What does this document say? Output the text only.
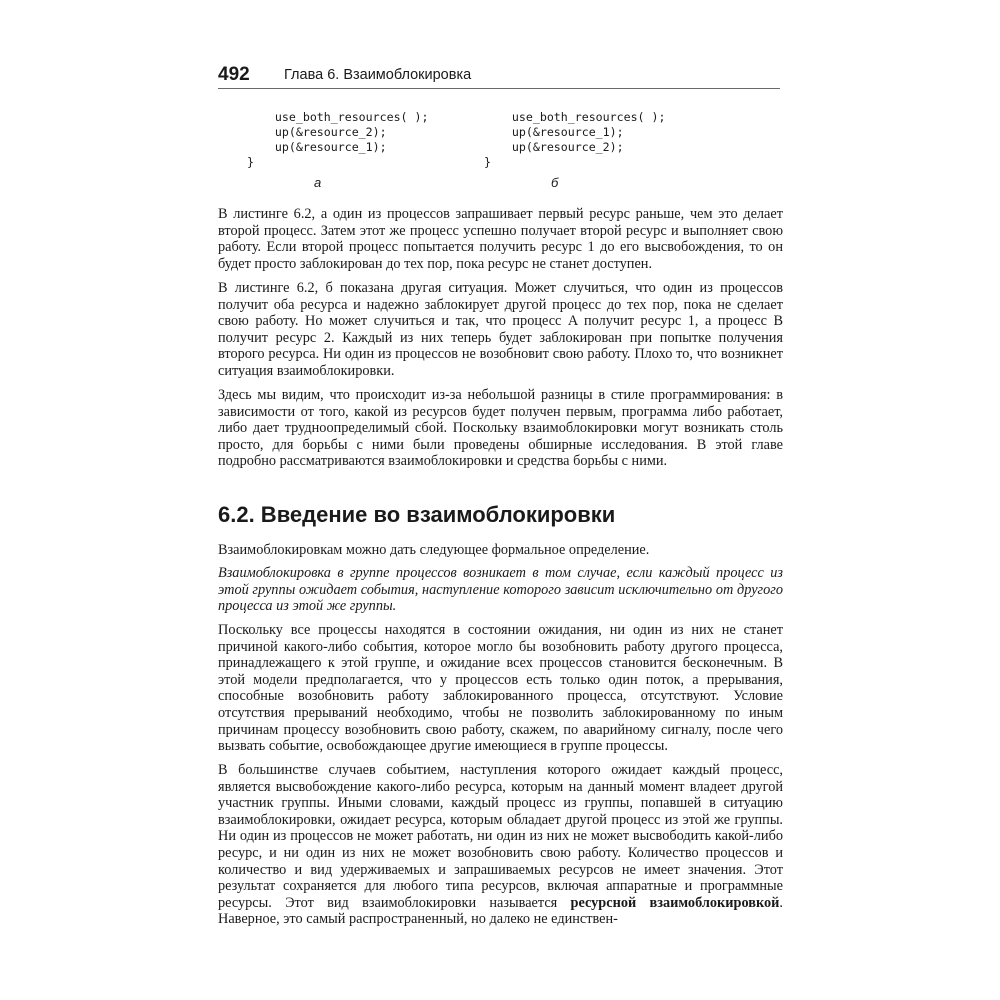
492 Глава 6. Взаимоблокировка
use_both_resources( );
up(&resource_2);
up(&resource_1);
}
use_both_resources( );
up(&resource_1);
up(&resource_2);
}
а	б

В листинге 6.2, а один из процессов запрашивает первый ресурс раньше, чем это делает второй процесс. Затем этот же процесс успешно получает второй ресурс и выполняет свою работу. Если второй процесс попытается получить ресурс 1 до его высвобождения, то он будет просто заблокирован до тех пор, пока ресурс не станет доступен.

В листинге 6.2, б показана другая ситуация. Может случиться, что один из процессов получит оба ресурса и надежно заблокирует другой процесс до тех пор, пока не сделает свою работу. Но может случиться и так, что процесс A получит ресурс 1, а процесс B получит ресурс 2. Каждый из них теперь будет заблокирован при попытке получения второго ресурса. Ни один из процессов не возобновит свою работу. Плохо то, что возникнет ситуация взаимоблокировки.

Здесь мы видим, что происходит из-за небольшой разницы в стиле программирования: в зависимости от того, какой из ресурсов будет получен первым, программа либо работает, либо дает трудноопределимый сбой. Поскольку взаимоблокировки могут возникать столь просто, для борьбы с ними были проведены обширные исследования. В этой главе подробно рассматриваются взаимоблокировки и средства борьбы с ними.

6.2. Введение во взаимоблокировки

Взаимоблокировкам можно дать следующее формальное определение.

Взаимоблокировка в группе процессов возникает в том случае, если каждый процесс из этой группы ожидает события, наступление которого зависит исключительно от другого процесса из этой же группы.

Поскольку все процессы находятся в состоянии ожидания, ни один из них не станет причиной какого-либо события, которое могло бы возобновить работу другого процесса, принадлежащего к этой группе, и ожидание всех процессов становится бесконечным. В этой модели предполагается, что у процессов есть только один поток, а прерывания, способные возобновить работу заблокированного процесса, отсутствуют. Условие отсутствия прерываний необходимо, чтобы не позволить заблокированному по иным причинам процессу возобновить свою работу, скажем, по аварийному сигналу, после чего вызвать событие, освобождающее другие имеющиеся в группе процессы.

В большинстве случаев событием, наступления которого ожидает каждый процесс, является высвобождение какого-либо ресурса, которым на данный момент владеет другой участник группы. Иными словами, каждый процесс из группы, попавшей в ситуацию взаимоблокировки, ожидает ресурса, которым обладает другой процесс из этой же группы. Ни один из процессов не может работать, ни один из них не может высвободить какой-либо ресурс, и ни один из них не может возобновить свою работу. Количество процессов и количество и вид удерживаемых и запрашиваемых ресурсов не имеет значения. Этот результат сохраняется для любого типа ресурсов, включая аппаратные и программные ресурсы. Этот вид взаимоблокировки называется ресурсной взаимоблокировкой. Наверное, это самый распространенный, но далеко не единствен-
